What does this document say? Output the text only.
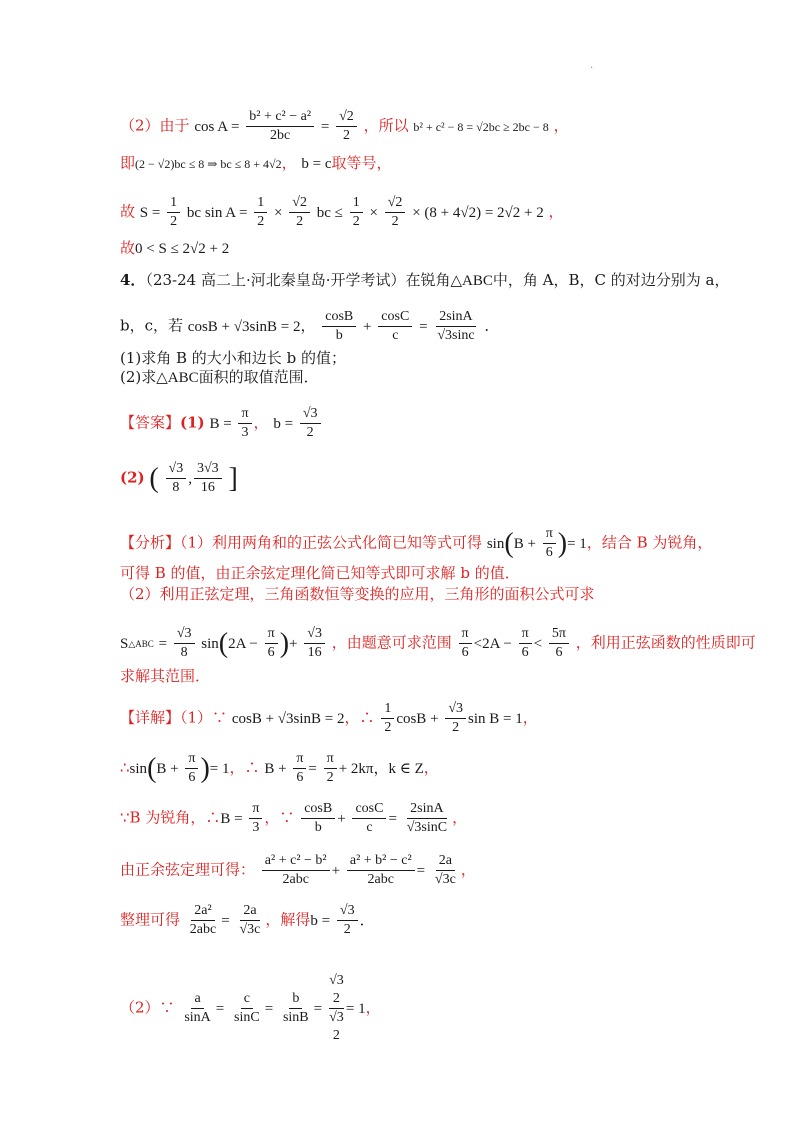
.
（2）由于 $\cos A = \frac{\text{b² + c² − a²}}{2bc} = \frac{√2}{2}$ ，所以 b² + c² − 8 = √2bc ≥ 2bc − 8 ，
即(2 − √2)bc ≤ 8 ⇒ bc ≤ 8 + 4√2， b = c取等号，
故 $S = \frac{1}{2}$ bc $\sin A = \frac{1}{2} \times \frac{√2}{2}$ bc ≤ $\frac{1}{2} \times \frac{√2}{2} \times (8 + 4√2) = 2√2 + 2$ ，
故0 < S ≤ 2√2 + 2
4．（23-24 高二上·河北秦皇岛·开学考试）在锐角△ABC中，角 A，B，C 的对边分别为 a，
b，c，若 cosB + √3sinB = 2， $\frac{\cos B}{b} + \frac{\cos C}{c} = \frac{2\sin A}{√3\sin c}$ ．
(1)求角 B 的大小和边长 b 的值；
(2)求△ABC面积的取值范围．
【答案】(1) $B = \frac{\pi}{3}$ ， $b = \frac{√3}{2}$
(2) ( $\frac{√3}{8}$ , $\frac{3√3}{16}$ ]
【分析】（1）利用两角和的正弦公式化简已知等式可得 $\sin(B + \frac{\pi}{6}$ )= 1，结合 B 为锐角，
可得 B 的值，由正余弦定理化简已知等式即可求解 b 的值．
（2）利用正弦定理，三角函数恒等变换的应用，三角形的面积公式可求
S△ABC = $\frac{√3}{8} \sin(2A - \frac{\pi}{6}$ )+ $\frac{√3}{16}$ ，由题意可求范围 $\frac{\pi}{6} <2A - \frac{\pi}{6} < \frac{5\pi}{6}$ ，利用正弦函数的性质即可
求解其范围．
【详解】（1）∵ cosB + √3sinB = 2，∴ $\frac{1}{2}$ $\cos B + \frac{√3}{2}$ sin B = 1，
∴sin(B + $\frac{\pi}{6}$ )= 1，∴ $B + \frac{\pi}{6} = \frac{\pi}{2} + 2k\pi$，k ∈ Z，
∵B 为锐角，∴B = $\frac{\pi}{3}$ ，∵ $\frac{\cos B}{b} + \frac{\cos C}{c} = \frac{2\sin A}{√3\sin C}$ ，
由正余弦定理可得： $\frac{\text{a² + c² − b²}}{\text{2abc}} + \frac{\text{a² + b² − c²}}{\text{2abc}} = \frac{2a}{√3c}$ ，
整理可得 $\frac{\text{2a²}}{\text{2abc}} = \frac{2a}{√3c}$ ，解得$b = \frac{√3}{2}$ ．
（2）∵ $\frac{a}{\sin A} = \frac{c}{\sin C} = \frac{b}{\sin B}$ =
√3
2
√3
2
= 1，
